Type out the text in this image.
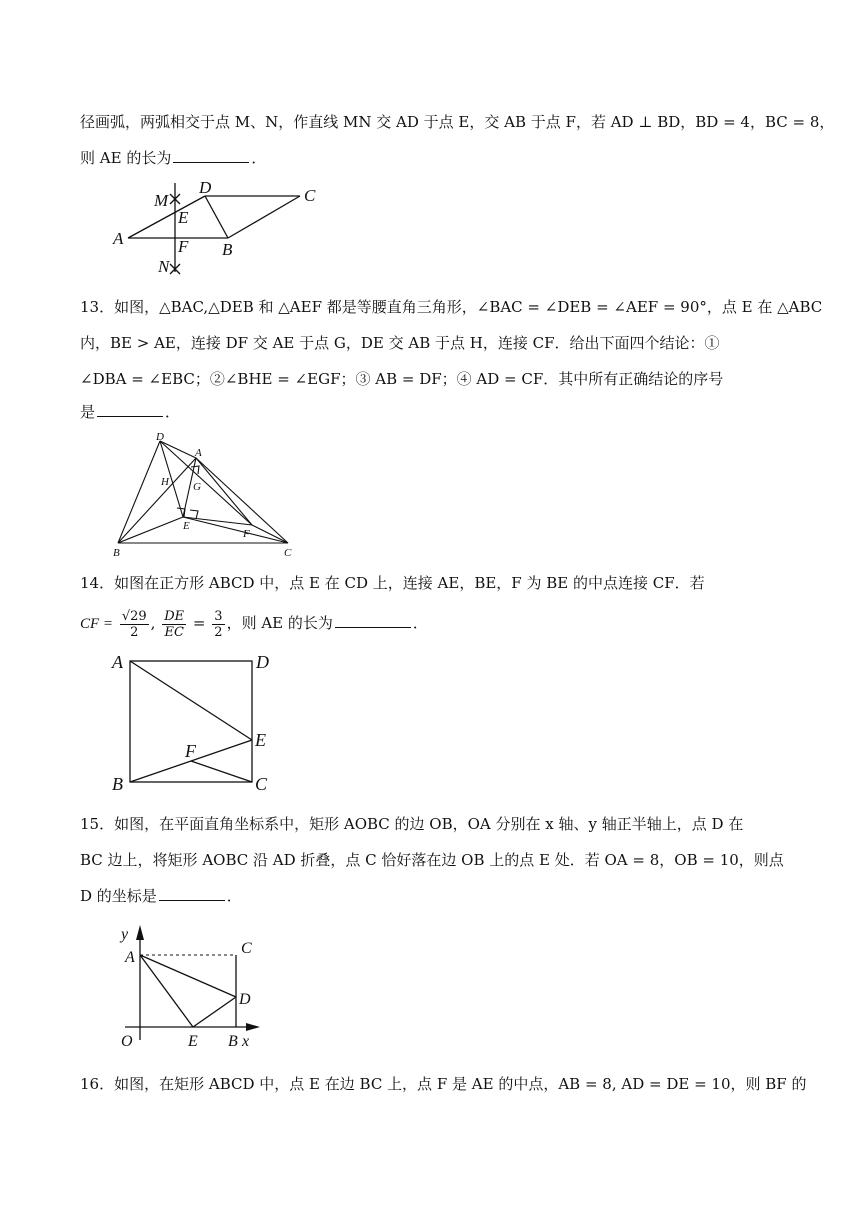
径画弧，两弧相交于点 M、N，作直线 MN 交 AD 于点 E，交 AB 于点 F，若 AD ⊥ BD，BD = 4，BC = 8，
则 AE 的长为	．
M
D	C
E
A	F B
N
13．如图，△BAC,△DEB 和 △AEF 都是等腰直角三角形，∠BAC = ∠DEB = ∠AEF = 90°，点 E 在 △ABC
内，BE > AE，连接 DF 交 AE 于点 G，DE 交 AB 于点 H，连接 CF．给出下面四个结论：①
∠DBA = ∠EBC；②∠BHE = ∠EGF；③ AB = DF；④ AD = CF．其中所有正确结论的序号
是	．
D
A
H G
E
F
B	C
14．如图在正方形 ABCD 中，点 E 在 CD 上，连接 AE，BE，F 为 BE 的中点连接 CF．若
CF = $\frac{√29}{2}$ , $\frac{DE}{EC} = \frac{3}{2}$ ，则 AE 的长为	．
A	D
E
F
B	C
15．如图，在平面直角坐标系中，矩形 AOBC 的边 OB，OA 分别在 x 轴、y 轴正半轴上，点 D 在
BC 边上，将矩形 AOBC 沿 AD 折叠，点 C 恰好落在边 OB 上的点 E 处．若 OA = 8，OB = 10，则点
D 的坐标是	．
y
A
C
D
O	E B x
16．如图，在矩形 ABCD 中，点 E 在边 BC 上，点 F 是 AE 的中点，AB = 8, AD = DE = 10，则 BF 的
